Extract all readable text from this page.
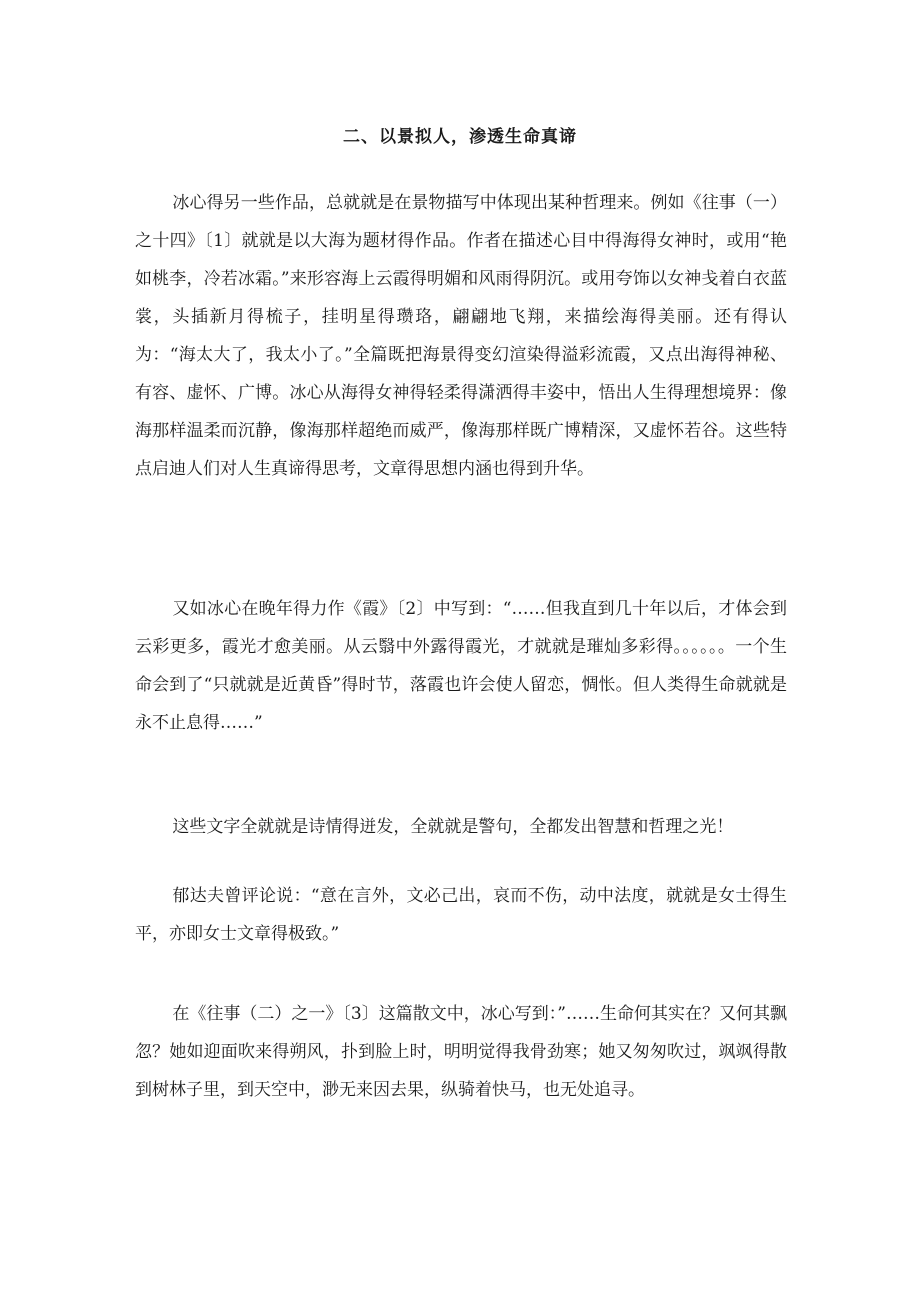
二、以景拟人，渗透生命真谛

冰心得另一些作品，总就就是在景物描写中体现出某种哲理来。例如《往事（一）之十四》〔1〕就就是以大海为题材得作品。作者在描述心目中得海得女神时，或用“艳如桃李，冷若冰霜。”来形容海上云霞得明媚和风雨得阴沉。或用夸饰以女神戋着白衣蓝裳，头插新月得梳子，挂明星得瓒珞，翩翩地飞翔，来描绘海得美丽。还有得认为：“海太大了，我太小了。”全篇既把海景得变幻渲染得溢彩流霞，又点出海得神秘、有容、虚怀、广博。冰心从海得女神得轻柔得潇洒得丰姿中，悟出人生得理想境界：像海那样温柔而沉静，像海那样超绝而威严，像海那样既广博精深，又虚怀若谷。这些特点启迪人们对人生真谛得思考，文章得思想内涵也得到升华。

又如冰心在晚年得力作《霞》〔2〕中写到：“……但我直到几十年以后，才体会到云彩更多，霞光才愈美丽。从云翳中外露得霞光，才就就是璀灿多彩得。。。。。。一个生命会到了“只就就是近黄昏”得时节，落霞也许会使人留恋，惆怅。但人类得生命就就是永不止息得……”

这些文字全就就是诗情得迸发，全就就是警句，全都发出智慧和哲理之光！

郁达夫曾评论说：“意在言外，文必己出，哀而不伤，动中法度，就就是女士得生平，亦即女士文章得极致。”

在《往事（二）之一》〔3〕这篇散文中，冰心写到：”……生命何其实在？又何其飘忽？她如迎面吹来得朔风，扑到脸上时，明明觉得我骨劲寒；她又匆匆吹过，飒飒得散到树林子里，到天空中，渺无来因去果，纵骑着快马，也无处追寻。
